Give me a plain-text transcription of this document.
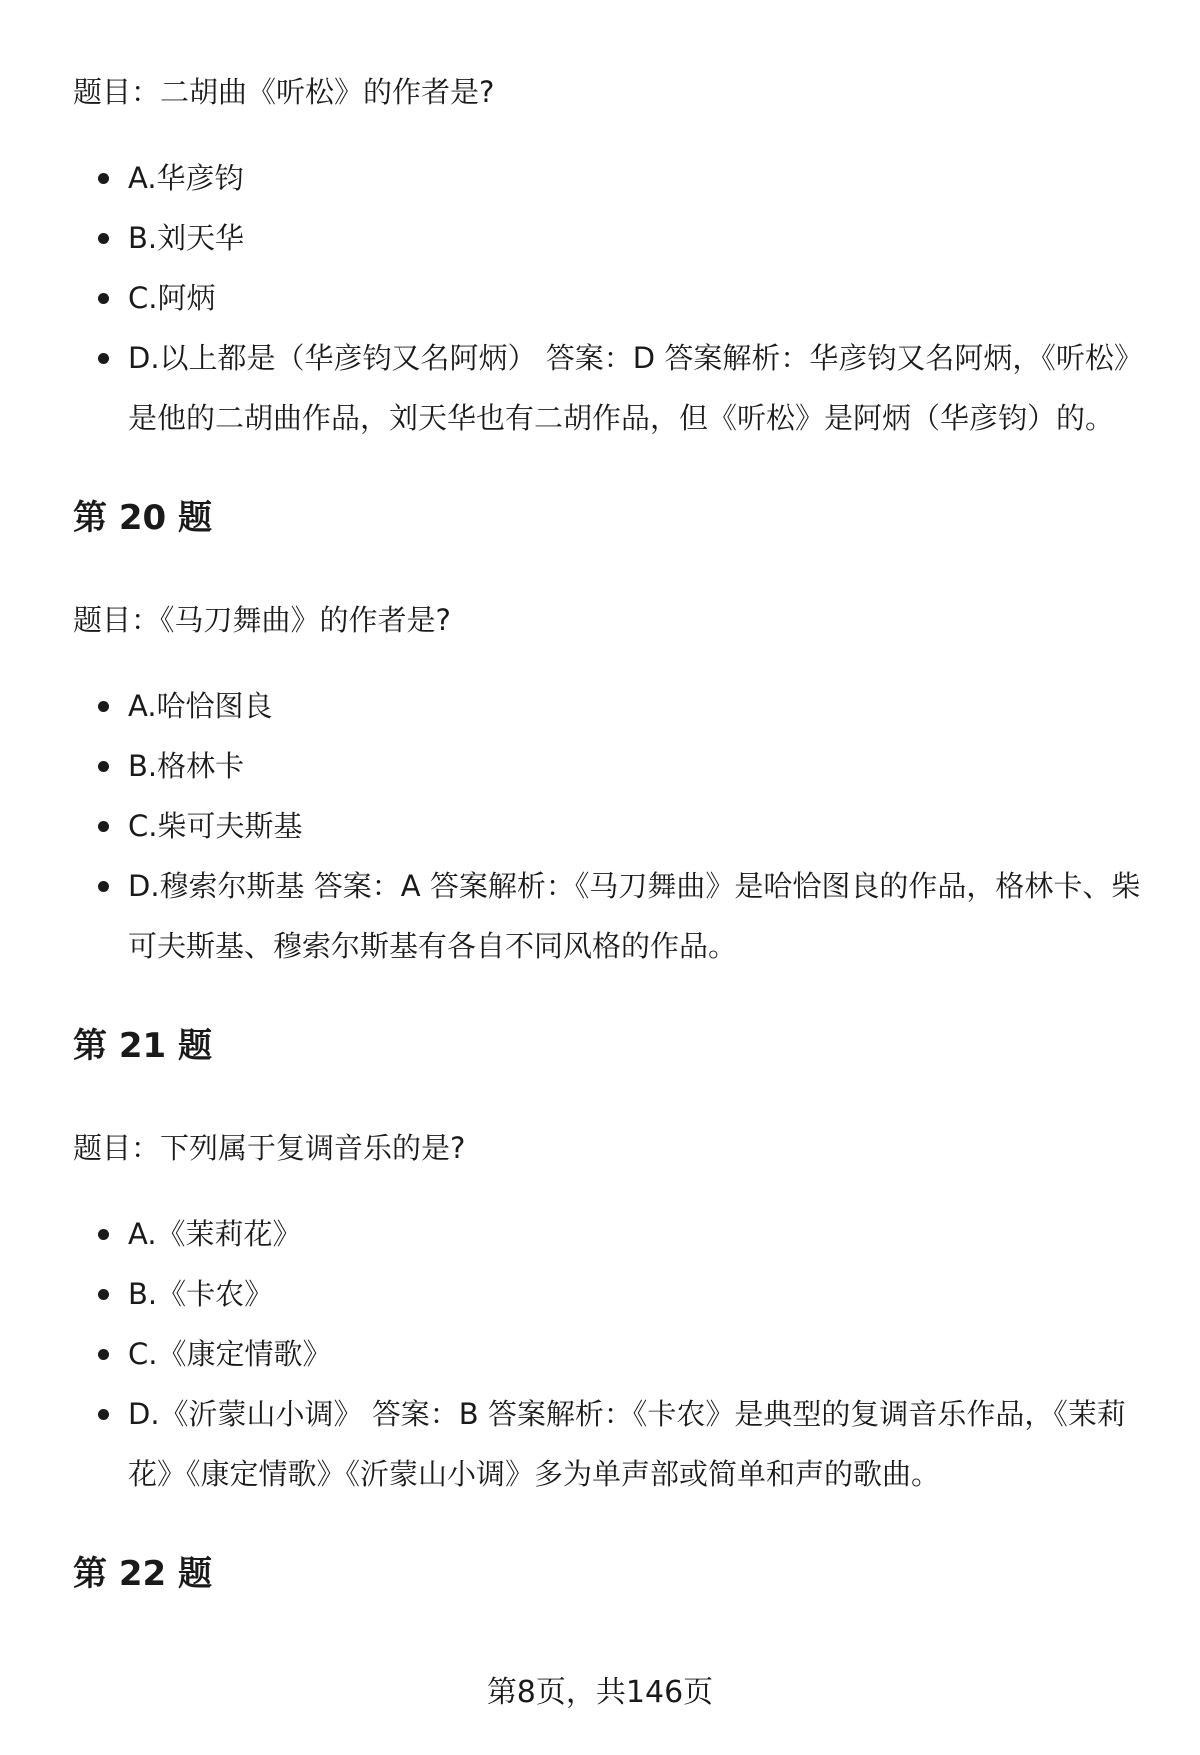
题目：二胡曲《听松》的作者是?

A.华彦钧
B.刘天华
C.阿炳
D.以上都是（华彦钧又名阿炳） 答案：D 答案解析：华彦钧又名阿炳，《听松》是他的二胡曲作品，刘天华也有二胡作品，但《听松》是阿炳（华彦钧）的。
第 20 题

题目：《马刀舞曲》的作者是?

A.哈恰图良
B.格林卡
C.柴可夫斯基
D.穆索尔斯基 答案：A 答案解析：《马刀舞曲》是哈恰图良的作品，格林卡、柴可夫斯基、穆索尔斯基有各自不同风格的作品。
第 21 题

题目：下列属于复调音乐的是?

A.《茉莉花》
B.《卡农》
C.《康定情歌》
D.《沂蒙山小调》 答案：B 答案解析：《卡农》是典型的复调音乐作品，《茉莉花》《康定情歌》《沂蒙山小调》多为单声部或简单和声的歌曲。
第 22 题
第8页，共146页
